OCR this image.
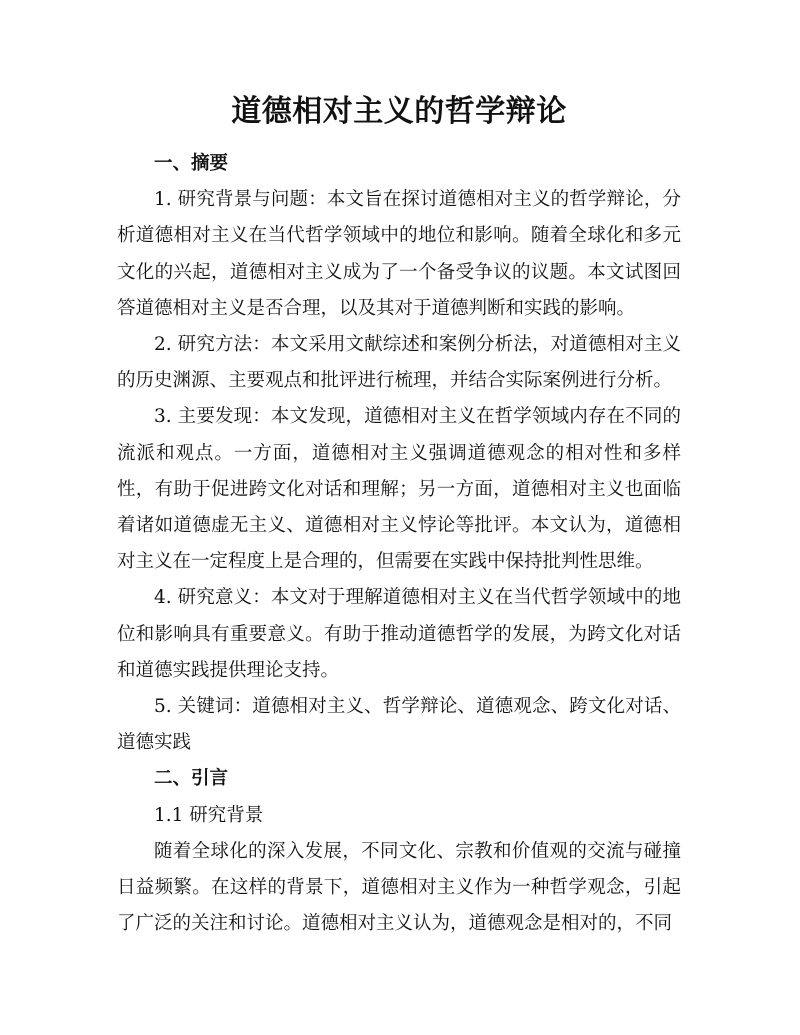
道德相对主义的哲学辩论
一、摘要

1. 研究背景与问题：本文旨在探讨道德相对主义的哲学辩论，分析道德相对主义在当代哲学领域中的地位和影响。随着全球化和多元文化的兴起，道德相对主义成为了一个备受争议的议题。本文试图回答道德相对主义是否合理，以及其对于道德判断和实践的影响。

2. 研究方法：本文采用文献综述和案例分析法，对道德相对主义的历史渊源、主要观点和批评进行梳理，并结合实际案例进行分析。

3. 主要发现：本文发现，道德相对主义在哲学领域内存在不同的流派和观点。一方面，道德相对主义强调道德观念的相对性和多样性，有助于促进跨文化对话和理解；另一方面，道德相对主义也面临着诸如道德虚无主义、道德相对主义悖论等批评。本文认为，道德相对主义在一定程度上是合理的，但需要在实践中保持批判性思维。

4. 研究意义：本文对于理解道德相对主义在当代哲学领域中的地位和影响具有重要意义。有助于推动道德哲学的发展，为跨文化对话和道德实践提供理论支持。

5. 关键词：道德相对主义、哲学辩论、道德观念、跨文化对话、道德实践

二、引言
1.1 研究背景

随着全球化的深入发展，不同文化、宗教和价值观的交流与碰撞日益频繁。在这样的背景下，道德相对主义作为一种哲学观念，引起了广泛的关注和讨论。道德相对主义认为，道德观念是相对的，不同
